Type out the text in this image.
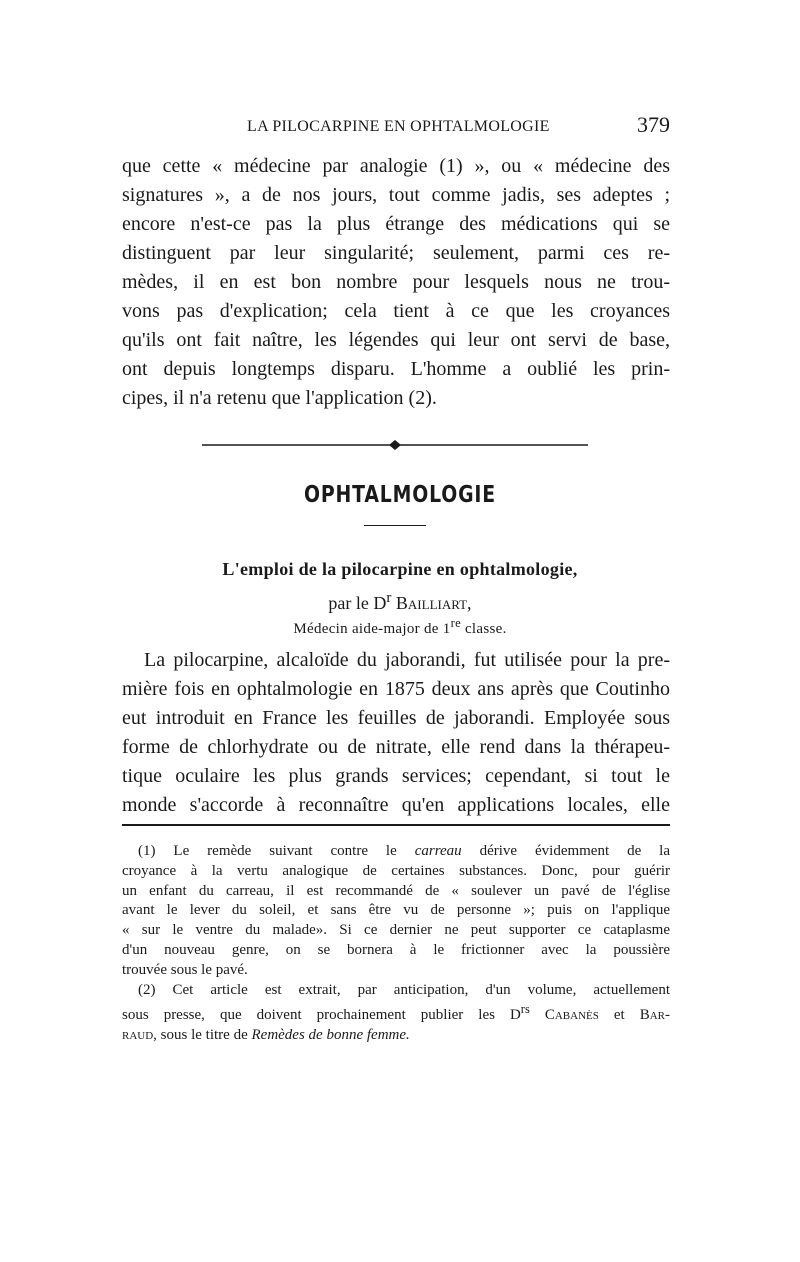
LA PILOCARPINE EN OPHTALMOLOGIE	379

que cette « médecine par analogie (1) », ou « médecine des
signatures », a de nos jours, tout comme jadis, ses adeptes ;
encore n'est-ce pas la plus étrange des médications qui se
distinguent par leur singularité; seulement, parmi ces re-
mèdes, il en est bon nombre pour lesquels nous ne trou-
vons pas d'explication; cela tient à ce que les croyances
qu'ils ont fait naître, les légendes qui leur ont servi de base,
ont depuis longtemps disparu. L'homme a oublié les prin-
cipes, il n'a retenu que l'application (2).

OPHTALMOLOGIE
L'emploi de la pilocarpine en ophtalmologie,
par le $D^r$ Bailliart,
Médecin aide-major de 1re classe.

La pilocarpine, alcaloïde du jaborandi, fut utilisée pour la pre-
mière fois en ophtalmologie en 1875 deux ans après que Coutinho
eut introduit en France les feuilles de jaborandi. Employée sous
forme de chlorhydrate ou de nitrate, elle rend dans la thérapeu-
tique oculaire les plus grands services; cependant, si tout le
monde s'accorde à reconnaître qu'en applications locales, elle

(1) Le remède suivant contre le carreau dérive évidemment de la
croyance à la vertu analogique de certaines substances. Donc, pour guérir
un enfant du carreau, il est recommandé de « soulever un pavé de l'église
avant le lever du soleil, et sans être vu de personne »; puis on l'applique
« sur le ventre du malade». Si ce dernier ne peut supporter ce cataplasme
d'un nouveau genre, on se bornera à le frictionner avec la poussière
trouvée sous le pavé.
(2) Cet article est extrait, par anticipation, d'un volume, actuellement
sous presse, que doivent prochainement publier les $D^{rs}$ Cabanès et Bar-
raud, sous le titre de Remèdes de bonne femme.
